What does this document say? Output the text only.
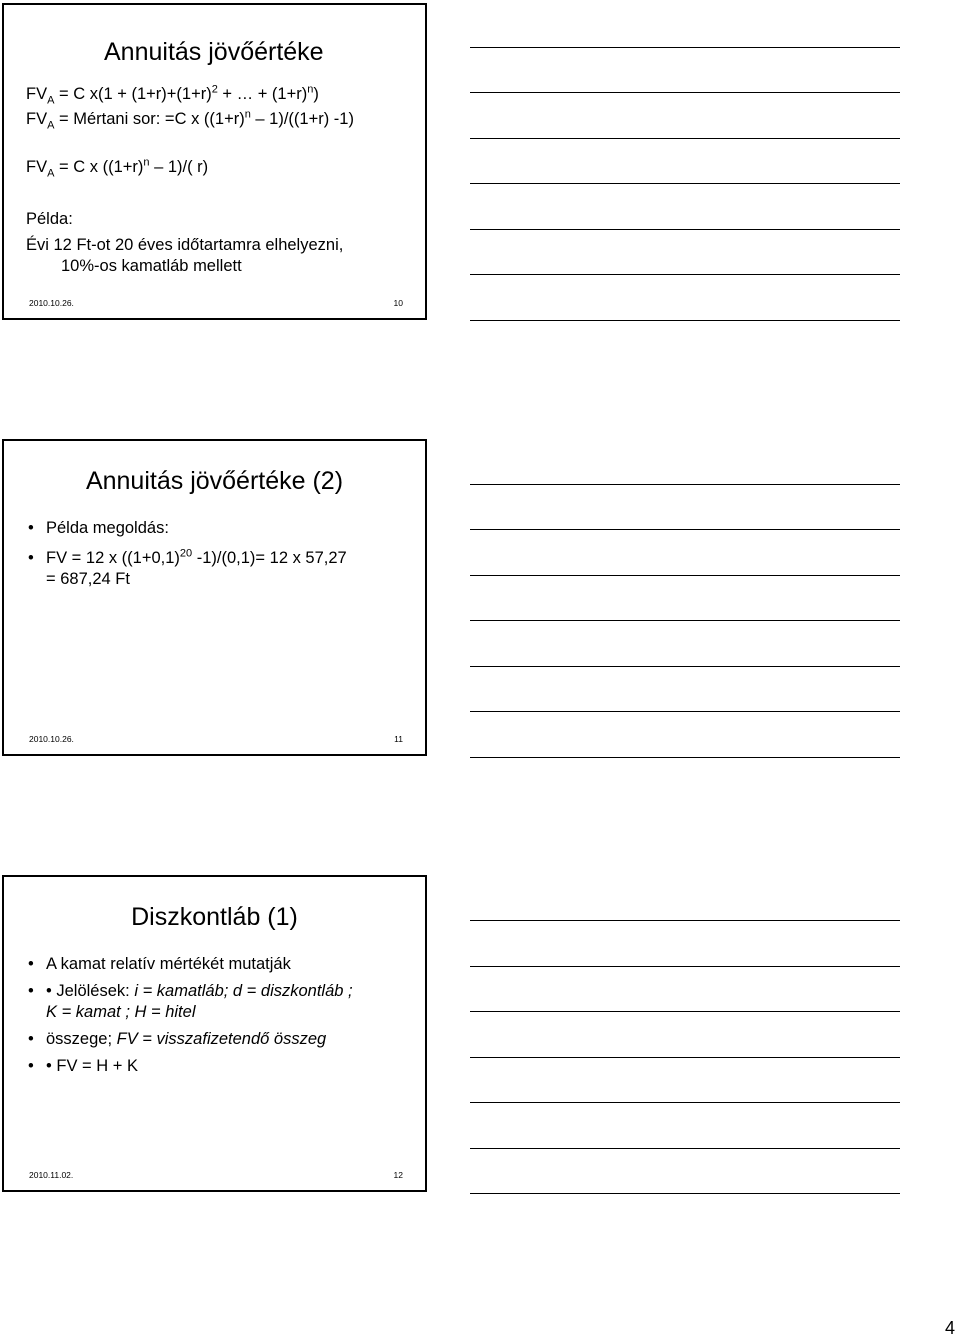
Annuitás jövőértéke
$FV_A = C$ $x(1 + (1+r)+(1+r)^2$ + … + $(1+r)^n$)
$FV_A$ = Mértani sor: =C x $((1+r)^n - 1)/((1+r)$ -1)
$FV_A = C$ x $((1+r)^n - 1)/$( r)
Példa:
Évi 12 Ft-ot 20 éves időtartamra elhelyezni,
10%-os kamatláb mellett
2010.10.26.	10
Annuitás jövőértéke (2)
• Példa megoldás:
• FV = 12 x ($(1+0,1)^{20}$ -1)/(0,1)= 12 x 57,27
= 687,24 Ft
2010.10.26.	11
Diszkontláb (1)
• A kamat relatív mértékét mutatják
• • Jelölések: i = kamatláb; d = diszkontláb ;
K = kamat ; H = hitel
• összege; FV = visszafizetendő összeg
• • FV = H + K
2010.11.02.	12
4
